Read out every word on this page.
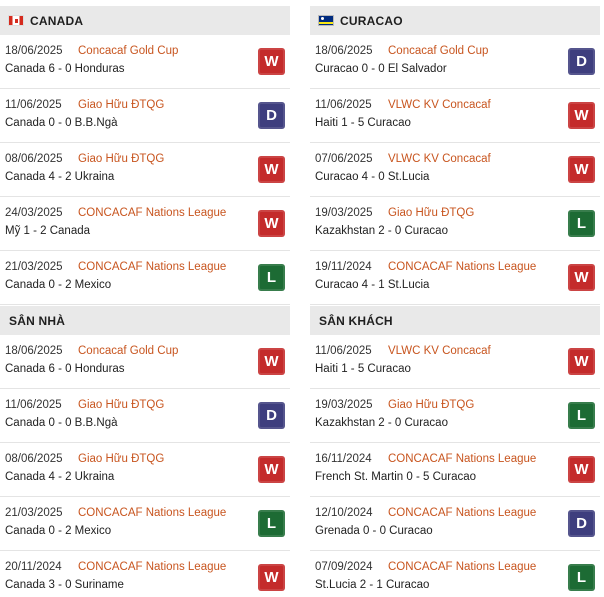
CANADA
18/06/2025 Concacaf Gold Cup
Canada 6 - 0 Honduras	W
11/06/2025 Giao Hữu ĐTQG
Canada 0 - 0 B.B.Ngà	D
08/06/2025 Giao Hữu ĐTQG
Canada 4 - 2 Ukraina	W
24/03/2025 CONCACAF Nations League
Mỹ 1 - 2 Canada	W
21/03/2025 CONCACAF Nations League
Canada 0 - 2 Mexico	L
CURACAO
18/06/2025 Concacaf Gold Cup
Curacao 0 - 0 El Salvador	D
11/06/2025 VLWC KV Concacaf
Haiti 1 - 5 Curacao	W
07/06/2025 VLWC KV Concacaf
Curacao 4 - 0 St.Lucia	W
19/03/2025 Giao Hữu ĐTQG
Kazakhstan 2 - 0 Curacao	L
19/11/2024 CONCACAF Nations League
Curacao 4 - 1 St.Lucia	W
SÂN NHÀ
18/06/2025 Concacaf Gold Cup
Canada 6 - 0 Honduras	W
11/06/2025 Giao Hữu ĐTQG
Canada 0 - 0 B.B.Ngà	D
08/06/2025 Giao Hữu ĐTQG
Canada 4 - 2 Ukraina	W
21/03/2025 CONCACAF Nations League
Canada 0 - 2 Mexico	L
20/11/2024 CONCACAF Nations League
Canada 3 - 0 Suriname	W
SÂN KHÁCH
11/06/2025 VLWC KV Concacaf
Haiti 1 - 5 Curacao	W
19/03/2025 Giao Hữu ĐTQG
Kazakhstan 2 - 0 Curacao	L
16/11/2024 CONCACAF Nations League
French St. Martin 0 - 5 Curacao	W
12/10/2024 CONCACAF Nations League
Grenada 0 - 0 Curacao	D
07/09/2024 CONCACAF Nations League
St.Lucia 2 - 1 Curacao	L
